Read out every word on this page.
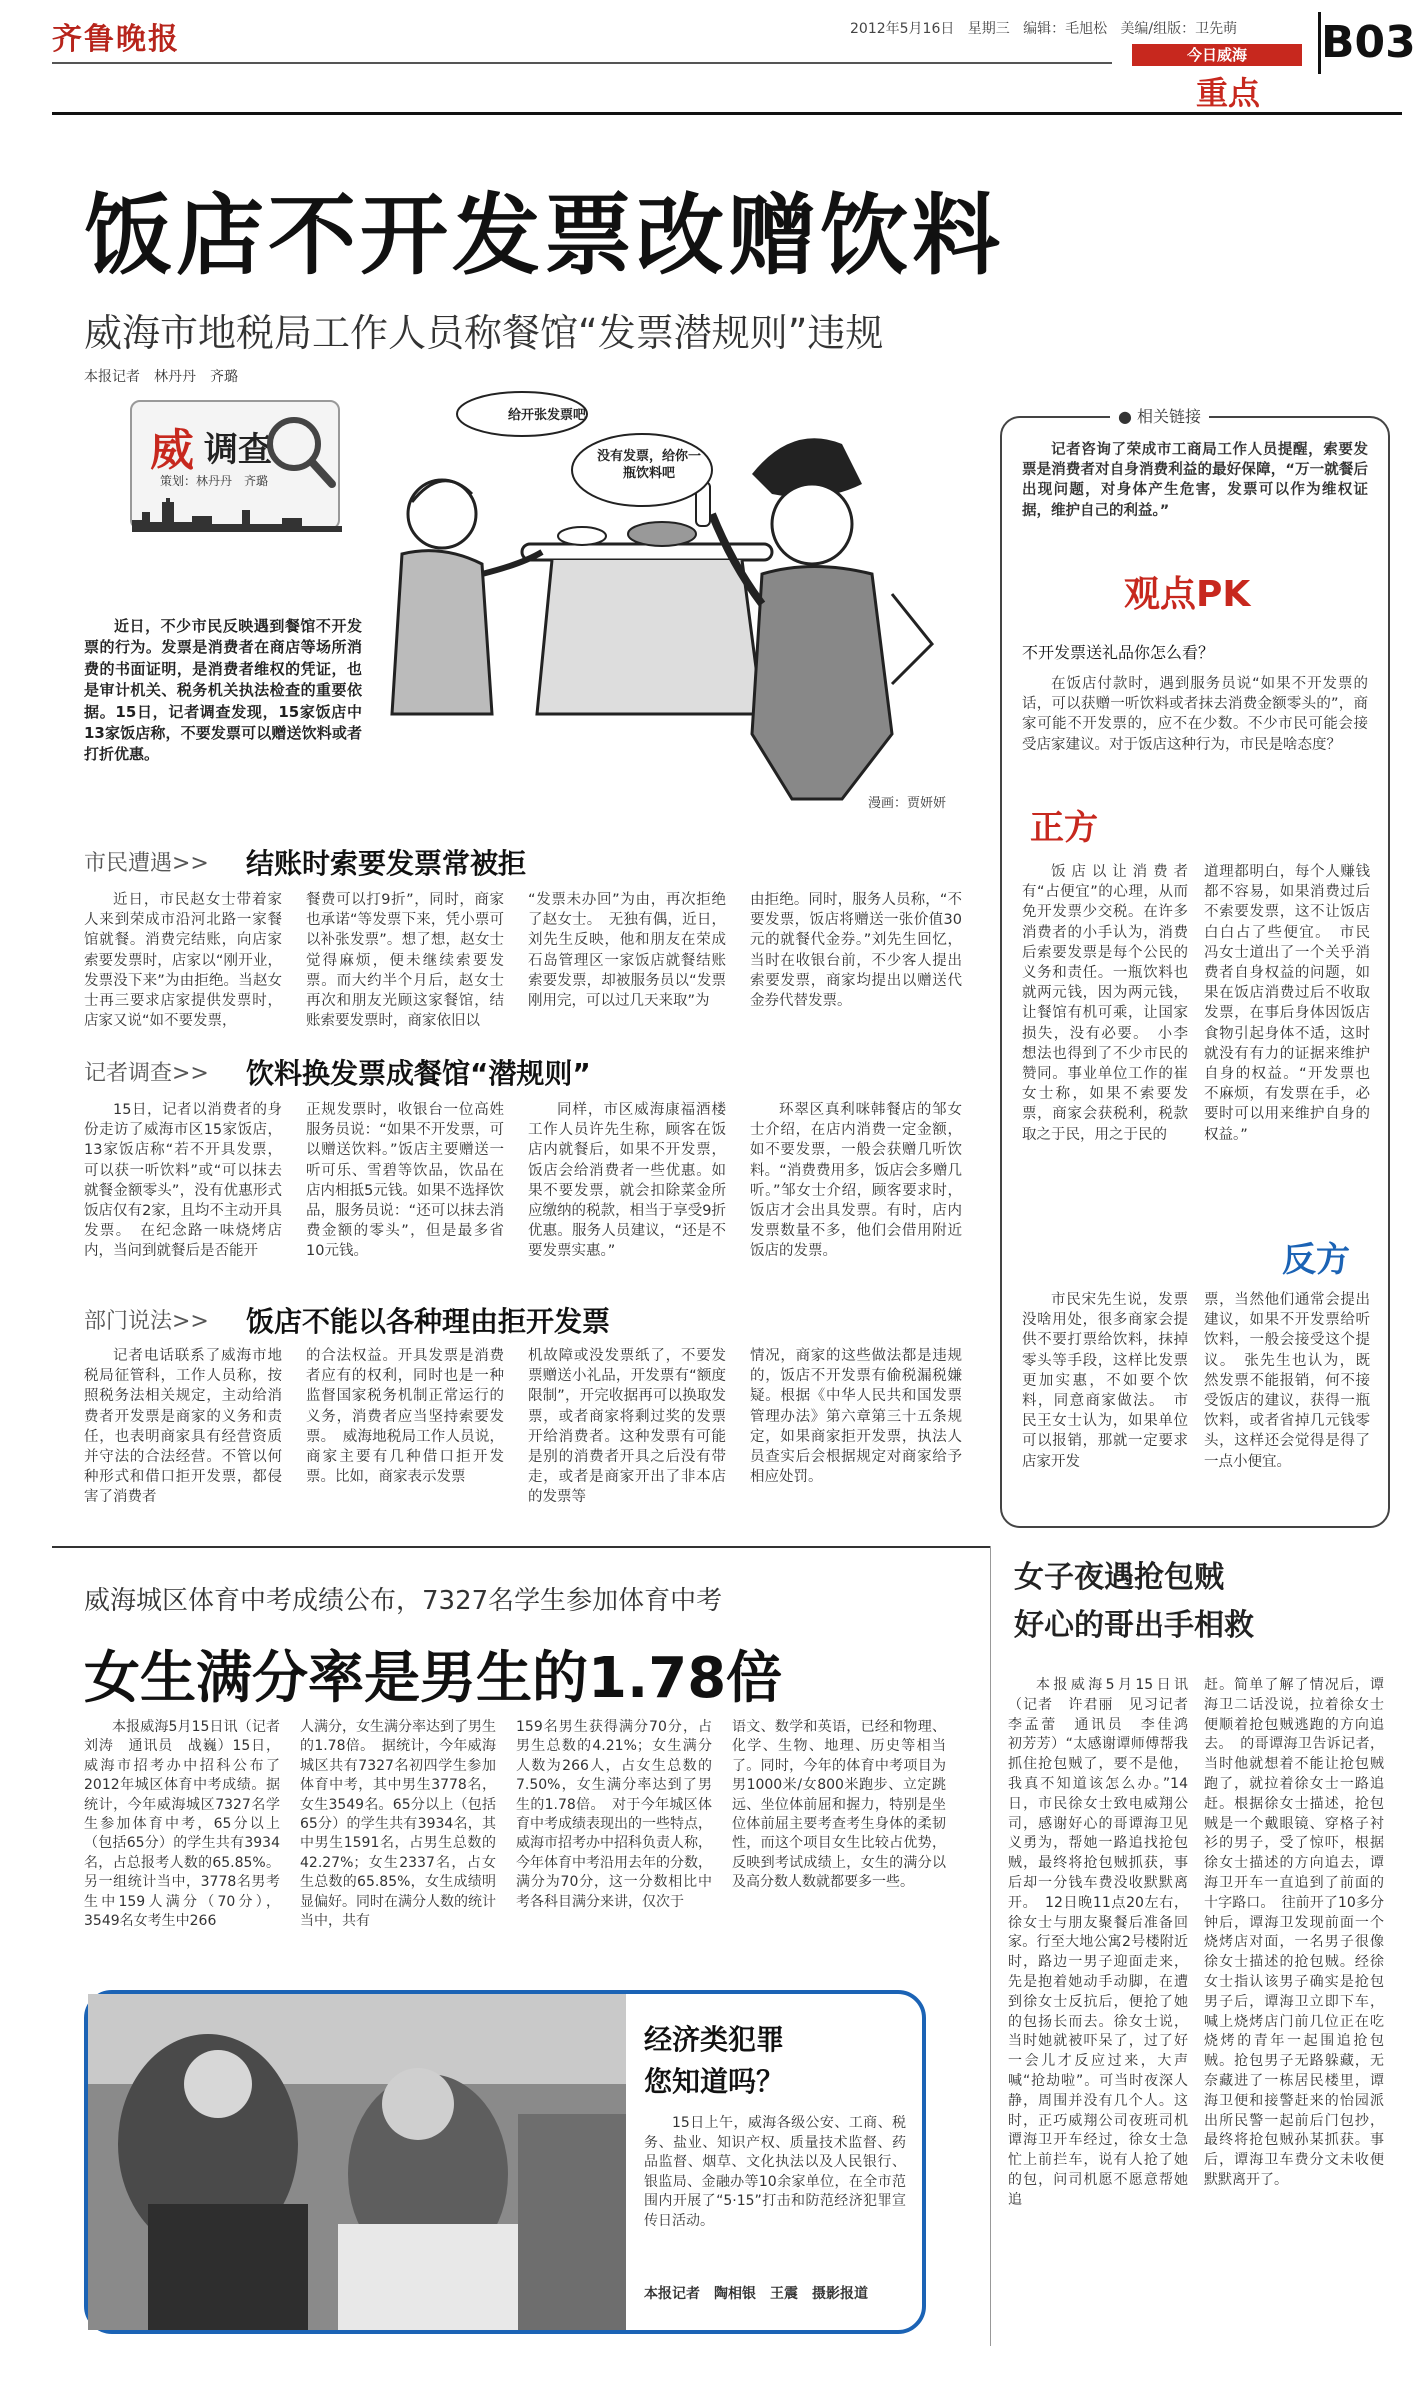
齐鲁晚报	2012年5月16日 星期三 编辑：毛旭松 美编/组版：卫先萌
今日威海
重点
B03
饭店不开发票改赠饮料
威海市地税局工作人员称餐馆“发票潜规则”违规
本报记者　林丹丹　齐璐
威 调查
策划：林丹丹　齐璐
近日，不少市民反映遇到餐馆不开发票的行为。发票是消费者在商店等场所消费的书面证明，是消费者维权的凭证，也是审计机关、税务机关执法检查的重要依据。15日，记者调查发现，15家饭店中13家饭店称，不要发票可以赠送饮料或者打折优惠。
给开张发票吧
没有发票，给你一瓶饮料吧
漫画：贾妍妍
市民遭遇>> 结账时索要发票常被拒
近日，市民赵女士带着家人来到荣成市沿河北路一家餐馆就餐。消费完结账，向店家索要发票时，店家以“刚开业，发票没下来”为由拒绝。当赵女士再三要求店家提供发票时，店家又说“如不要发票，
餐费可以打9折”，同时，商家也承诺“等发票下来，凭小票可以补张发票”。想了想，赵女士觉得麻烦，便未继续索要发票。而大约半个月后，赵女士再次和朋友光顾这家餐馆，结账索要发票时，商家依旧以
“发票未办回”为由，再次拒绝了赵女士。　无独有偶，近日，刘先生反映，他和朋友在荣成石岛管理区一家饭店就餐结账索要发票，却被服务员以“发票刚用完，可以过几天来取”为
由拒绝。同时，服务人员称，“不要发票，饭店将赠送一张价值30元的就餐代金券。”刘先生回忆，当时在收银台前，不少客人提出索要发票，商家均提出以赠送代金券代替发票。
记者调查>> 饮料换发票成餐馆“潜规则”
15日，记者以消费者的身份走访了威海市区15家饭店，13家饭店称“若不开具发票，可以获一听饮料”或“可以抹去就餐金额零头”，没有优惠形式饭店仅有2家，且均不主动开具发票。　在纪念路一味烧烤店内，当问到就餐后是否能开
正规发票时，收银台一位高姓服务员说：“如果不开发票，可以赠送饮料。”饭店主要赠送一听可乐、雪碧等饮品，饮品在店内相抵5元钱。如果不选择饮品，服务员说：“还可以抹去消费金额的零头”，但是最多省10元钱。
同样，市区威海康福酒楼工作人员许先生称，顾客在饭店内就餐后，如果不开发票，饭店会给消费者一些优惠。如果不要发票，就会扣除菜金所应缴纳的税款，相当于享受9折优惠。服务人员建议，“还是不要发票实惠。”
环翠区真利咪韩餐店的邹女士介绍，在店内消费一定金额，如不要发票，一般会获赠几听饮料。“消费费用多，饭店会多赠几听。”邹女士介绍，顾客要求时，饭店才会出具发票。有时，店内发票数量不多，他们会借用附近饭店的发票。
部门说法>> 饭店不能以各种理由拒开发票
记者电话联系了威海市地税局征管科，工作人员称，按照税务法相关规定，主动给消费者开发票是商家的义务和责任，也表明商家具有经营资质并守法的合法经营。不管以何种形式和借口拒开发票，都侵害了消费者
的合法权益。开具发票是消费者应有的权利，同时也是一种监督国家税务机制正常运行的义务，消费者应当坚持索要发票。　威海地税局工作人员说，商家主要有几种借口拒开发票。比如，商家表示发票
机故障或没发票纸了，不要发票赠送小礼品，开发票有“额度限制”，开完收据再可以换取发票，或者商家将剩过奖的发票开给消费者。这种发票有可能是别的消费者开具之后没有带走，或者是商家开出了非本店的发票等
情况，商家的这些做法都是违规的，饭店不开发票有偷税漏税嫌疑。根据《中华人民共和国发票管理办法》第六章第三十五条规定，如果商家拒开发票，执法人员查实后会根据规定对商家给予相应处罚。
● 相关链接
记者咨询了荣成市工商局工作人员提醒，索要发票是消费者对自身消费利益的最好保障，“万一就餐后出现问题，对身体产生危害，发票可以作为维权证据，维护自己的利益。”
观点PK
不开发票送礼品你怎么看？
在饭店付款时，遇到服务员说“如果不开发票的话，可以获赠一听饮料或者抹去消费金额零头的”，商家可能不开发票的，应不在少数。不少市民可能会接受店家建议。对于饭店这种行为，市民是啥态度？
正方
饭店以让消费者有“占便宜”的心理，从而免开发票少交税。在许多消费者的小手认为，消费后索要发票是每个公民的义务和责任。一瓶饮料也就两元钱，因为两元钱，让餐馆有机可乘，让国家损失，没有必要。　小李想法也得到了不少市民的赞同。事业单位工作的崔女士称，如果不索要发票，商家会获税利，税款取之于民，用之于民的
道理都明白，每个人赚钱都不容易，如果消费过后不索要发票，这不让饭店白白占了些便宜。　市民冯女士道出了一个关乎消费者自身权益的问题，如果在饭店消费过后不收取发票，在事后身体因饭店食物引起身体不适，这时就没有有力的证据来维护自身的权益。“开发票也不麻烦，有发票在手，必要时可以用来维护自身的权益。”
反方
市民宋先生说，发票没啥用处，很多商家会提供不要打票给饮料，抹掉零头等手段，这样比发票更加实惠，不如要个饮料，同意商家做法。　市民王女士认为，如果单位可以报销，那就一定要求店家开发
票，当然他们通常会提出建议，如果不开发票给听饮料，一般会接受这个提议。　张先生也认为，既然发票不能报销，何不接受饭店的建议，获得一瓶饮料，或者省掉几元钱零头，这样还会觉得是得了一点小便宜。
威海城区体育中考成绩公布，7327名学生参加体育中考
女生满分率是男生的1.78倍
本报威海5月15日讯（记者　刘涛　通讯员　战巍）15日，威海市招考办中招科公布了2012年城区体育中考成绩。据统计，今年威海城区7327名学生参加体育中考，65分以上（包括65分）的学生共有3934名，占总报考人数的65.85%。另一组统计当中，3778名男考生中159人满分（70分），3549名女考生中266
人满分，女生满分率达到了男生的1.78倍。　据统计，今年威海城区共有7327名初四学生参加体育中考，其中男生3778名，女生3549名。65分以上（包括65分）的学生共有3934名，其中男生1591名，占男生总数的42.27%；女生2337名，占女生总数的65.85%，女生成绩明显偏好。同时在满分人数的统计当中，共有
159名男生获得满分70分，占男生总数的4.21%；女生满分人数为266人，占女生总数的7.50%，女生满分率达到了男生的1.78倍。　对于今年城区体育中考成绩表现出的一些特点，威海市招考办中招科负责人称，今年体育中考沿用去年的分数，满分为70分，这一分数相比中考各科目满分来讲，仅次于
语文、数学和英语，已经和物理、化学、生物、地理、历史等相当了。同时，今年的体育中考项目为男1000米/女800米跑步、立定跳远、坐位体前屈和握力，特别是坐位体前屈主要考查考生身体的柔韧性，而这个项目女生比较占优势，反映到考试成绩上，女生的满分以及高分数人数就都要多一些。
经济类犯罪
您知道吗？
15日上午，威海各级公安、工商、税务、盐业、知识产权、质量技术监督、药品监督、烟草、文化执法以及人民银行、银监局、金融办等10余家单位，在全市范围内开展了“5·15”打击和防范经济犯罪宣传日活动。
本报记者　陶相银　王震　摄影报道
女子夜遇抢包贼
好心的哥出手相救
本报威海5月15日讯（记者　许君丽　见习记者　李孟蕾　通讯员　李佳鸿　初芳芳）“太感谢谭师傅帮我抓住抢包贼了，要不是他，我真不知道该怎么办。”14日，市民徐女士致电威翔公司，感谢好心的哥谭海卫见义勇为，帮她一路追找抢包贼，最终将抢包贼抓获，事后却一分钱车费没收默默离开。　12日晚11点20左右，徐女士与朋友聚餐后准备回家。行至大地公寓2号楼附近时，路边一男子迎面走来，先是抱着她动手动脚，在遭到徐女士反抗后，便抢了她的包扬长而去。徐女士说，当时她就被吓呆了，过了好一会儿才反应过来，大声喊“抢劫啦”。可当时夜深人静，周围并没有几个人。这时，正巧威翔公司夜班司机谭海卫开车经过，徐女士急忙上前拦车，说有人抢了她的包，问司机愿不愿意帮她追
赶。简单了解了情况后，谭海卫二话没说，拉着徐女士便顺着抢包贼逃跑的方向追去。　的哥谭海卫告诉记者，当时他就想着不能让抢包贼跑了，就拉着徐女士一路追赶。根据徐女士描述，抢包贼是一个戴眼镜、穿格子衬衫的男子，受了惊吓，根据徐女士描述的方向追去，谭海卫开车一直追到了前面的十字路口。　往前开了10多分钟后，谭海卫发现前面一个烧烤店对面，一名男子很像徐女士描述的抢包贼。经徐女士指认该男子确实是抢包男子后，谭海卫立即下车，喊上烧烤店门前几位正在吃烧烤的青年一起围追抢包贼。抢包男子无路躲藏，无奈藏进了一栋居民楼里，谭海卫便和接警赶来的怡园派出所民警一起前后门包抄，最终将抢包贼孙某抓获。事后，谭海卫车费分文未收便默默离开了。
